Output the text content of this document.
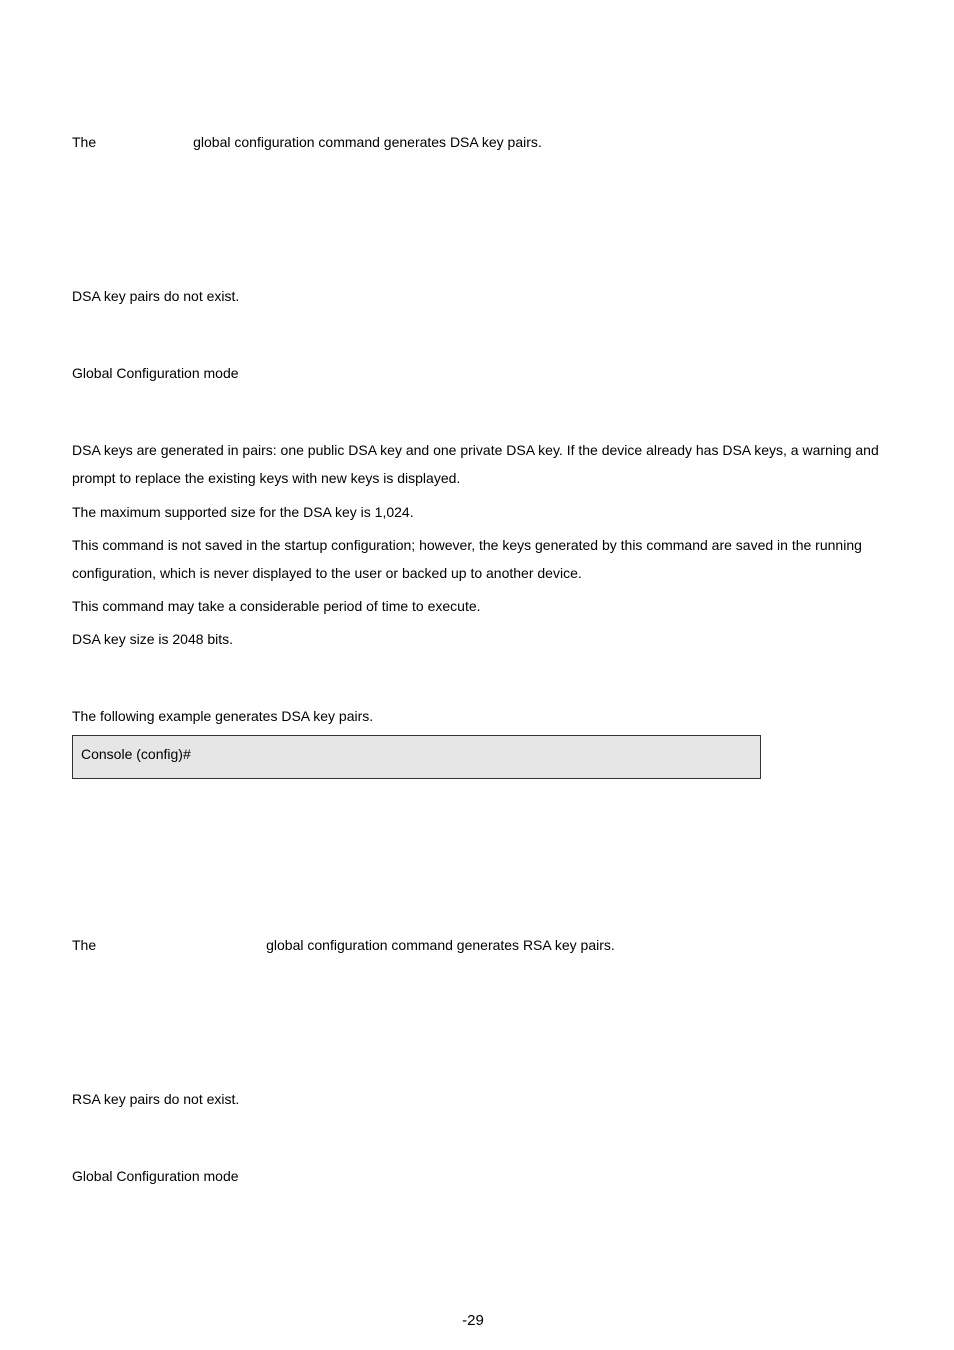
The	global configuration command generates DSA key pairs.
DSA key pairs do not exist.
Global Configuration mode
DSA keys are generated in pairs: one public DSA key and one private DSA key. If the device already has DSA keys, a warning and prompt to replace the existing keys with new keys is displayed.
The maximum supported size for the DSA key is 1,024.
This command is not saved in the startup configuration; however, the keys generated by this command are saved in the running configuration, which is never displayed to the user or backed up to another device.
This command may take a considerable period of time to execute.
DSA key size is 2048 bits.
The following example generates DSA key pairs.
Console (config)#
The	global configuration command generates RSA key pairs.
RSA key pairs do not exist.
Global Configuration mode
-29
